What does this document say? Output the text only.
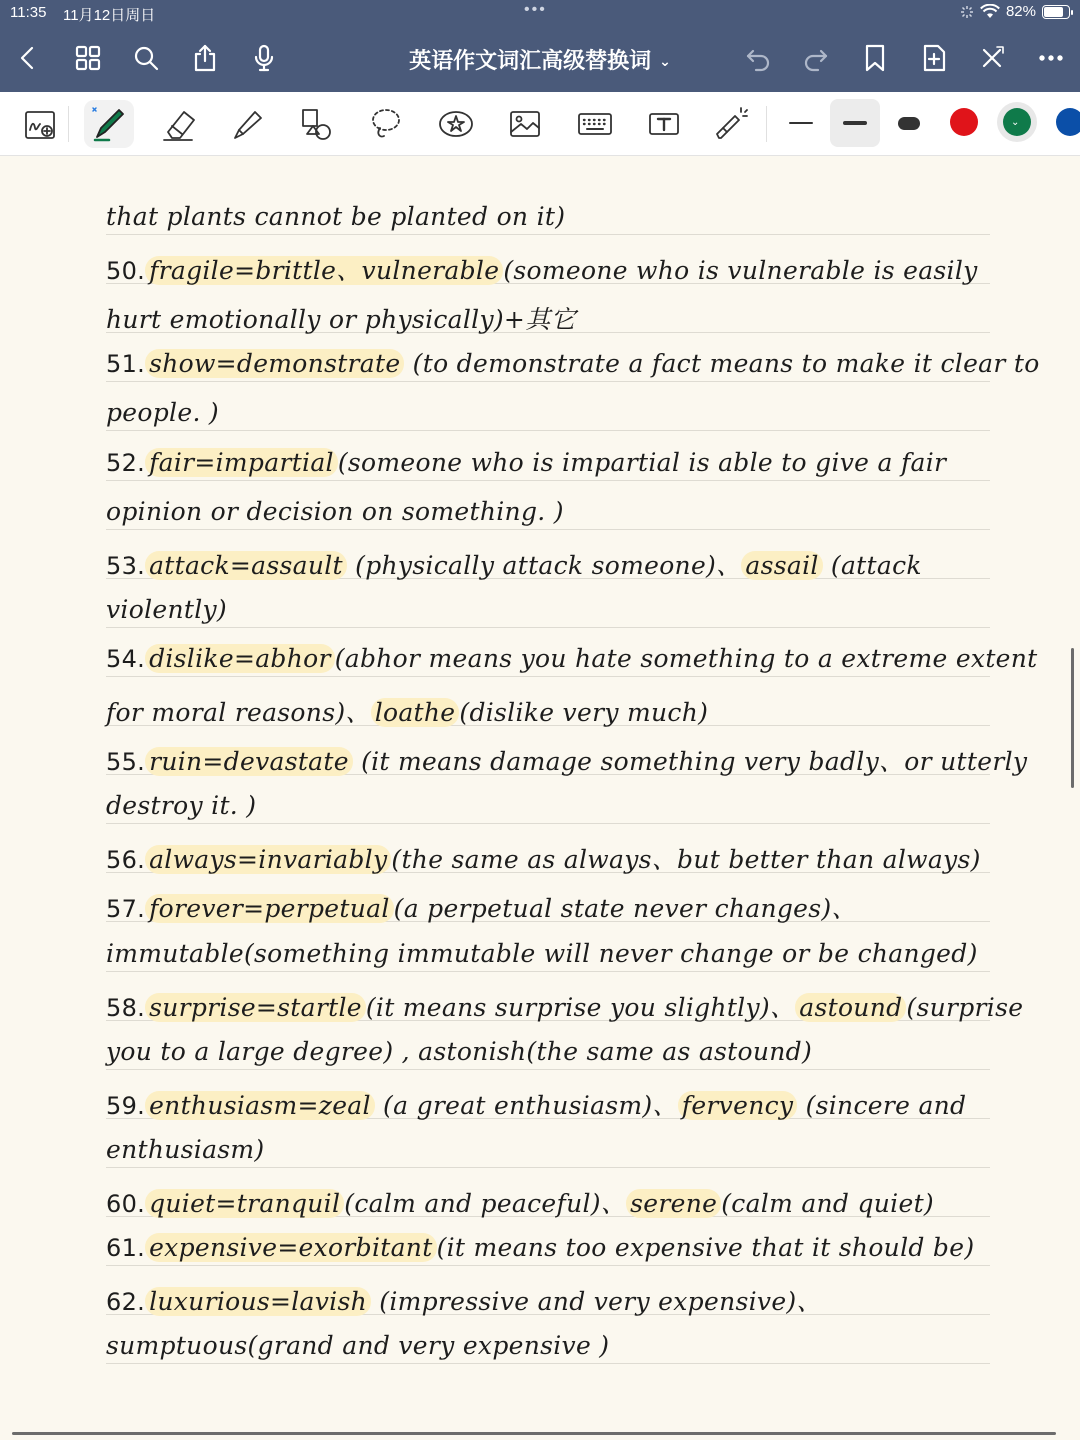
11:35 11月12日周日	•••	82%
英语作文词汇高级替换词 ⌄
⌄
that plants cannot be planted on it)
50. fragile=brittle、vulnerable (someone who is vulnerable is easily
hurt emotionally or physically)+其它
51. show=demonstrate (to demonstrate a fact means to make it clear to
people. )
52. fair=impartial (someone who is impartial is able to give a fair
opinion or decision on something. )
53. attack=assault (physically attack someone)、 assail (attack
violently)
54. dislike=abhor (abhor means you hate something to a extreme extent
for moral reasons)、 loathe (dislike very much)
55. ruin=devastate (it means damage something very badly、or utterly
destroy it. )
56. always=invariably (the same as always、but better than always)
57. forever=perpetual (a perpetual state never changes)、
immutable(something immutable will never change or be changed)
58. surprise=startle (it means surprise you slightly)、 astound (surprise
you to a large degree) , astonish(the same as astound)
59. enthusiasm=zeal (a great enthusiasm)、 fervency (sincere and
enthusiasm)
60. quiet=tranquil (calm and peaceful)、 serene (calm and quiet)
61. expensive=exorbitant (it means too expensive that it should be)
62. luxurious=lavish (impressive and very expensive)、
sumptuous(grand and very expensive )
